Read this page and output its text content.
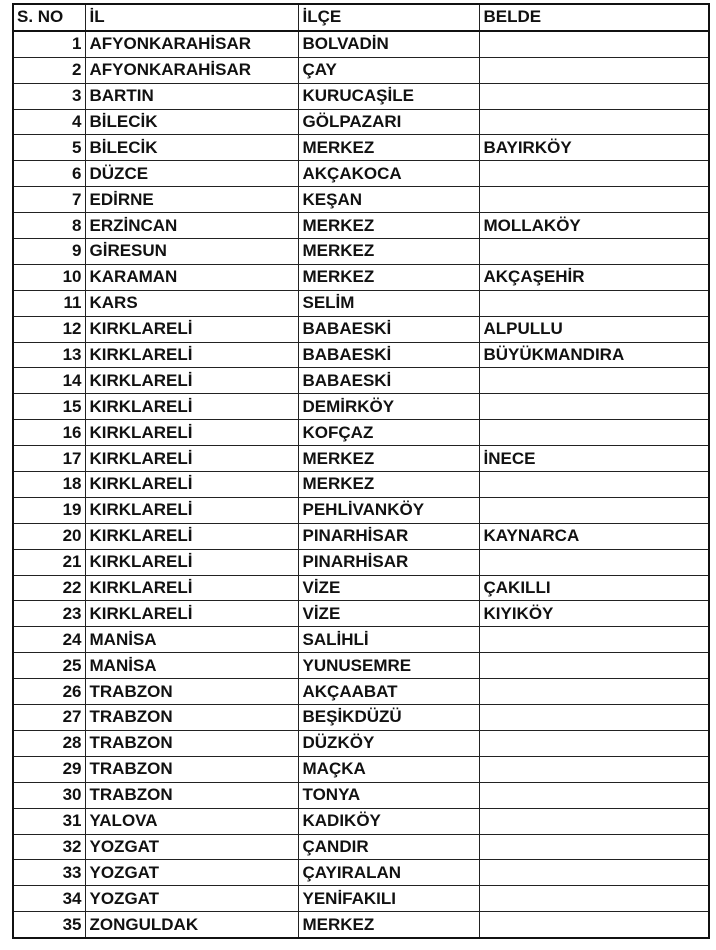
S. NO	İL	İLÇE	BELDE
1	AFYONKARAHİSAR	BOLVADİN	
2	AFYONKARAHİSAR	ÇAY	
3	BARTIN	KURUCAŞİLE	
4	BİLECİK	GÖLPAZARI	
5	BİLECİK	MERKEZ	BAYIRKÖY
6	DÜZCE	AKÇAKOCA	
7	EDİRNE	KEŞAN	
8	ERZİNCAN	MERKEZ	MOLLAKÖY
9	GİRESUN	MERKEZ	
10	KARAMAN	MERKEZ	AKÇAŞEHİR
11	KARS	SELİM	
12	KIRKLARELİ	BABAESKİ	ALPULLU
13	KIRKLARELİ	BABAESKİ	BÜYÜKMANDIRA
14	KIRKLARELİ	BABAESKİ	
15	KIRKLARELİ	DEMİRKÖY	
16	KIRKLARELİ	KOFÇAZ	
17	KIRKLARELİ	MERKEZ	İNECE
18	KIRKLARELİ	MERKEZ	
19	KIRKLARELİ	PEHLİVANKÖY	
20	KIRKLARELİ	PINARHİSAR	KAYNARCA
21	KIRKLARELİ	PINARHİSAR	
22	KIRKLARELİ	VİZE	ÇAKILLI
23	KIRKLARELİ	VİZE	KIYIKÖY
24	MANİSA	SALİHLİ	
25	MANİSA	YUNUSEMRE	
26	TRABZON	AKÇAABAT	
27	TRABZON	BEŞİKDÜZÜ	
28	TRABZON	DÜZKÖY	
29	TRABZON	MAÇKA	
30	TRABZON	TONYA	
31	YALOVA	KADIKÖY	
32	YOZGAT	ÇANDIR	
33	YOZGAT	ÇAYIRALAN	
34	YOZGAT	YENİFAKILI	
35	ZONGULDAK	MERKEZ	
